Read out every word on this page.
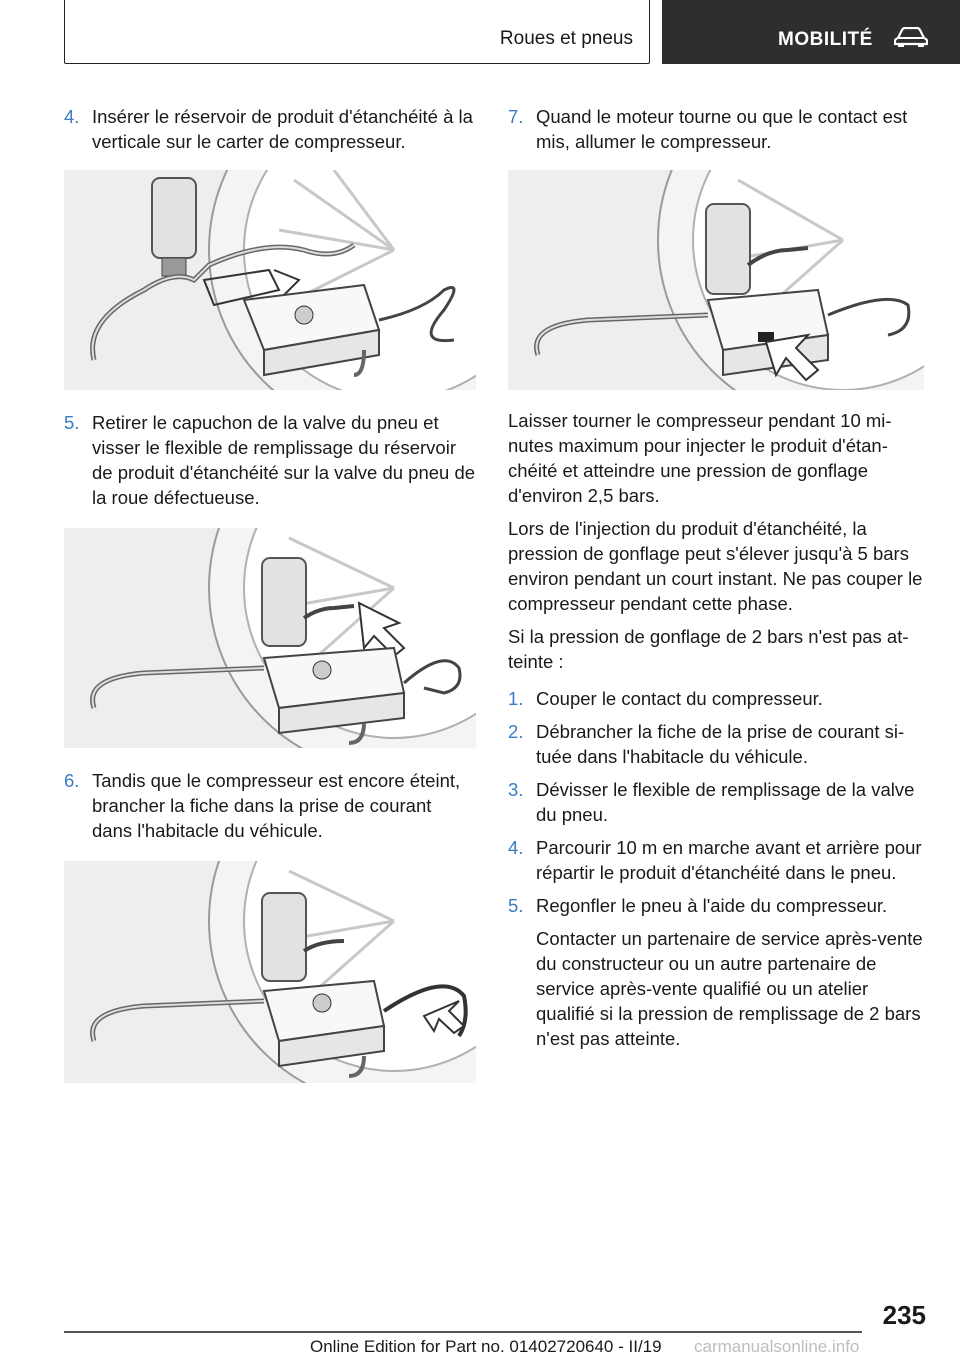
Roues et pneus	MOBILITÉ

4. Insérer le réservoir de produit d'étanchéité à la verticale sur le carter de compresseur.

5. Retirer le capuchon de la valve du pneu et visser le flexible de remplissage du réservoir de produit d'étanchéité sur la valve du pneu de la roue défectueuse.

6. Tandis que le compresseur est encore éteint, brancher la fiche dans la prise de courant dans l'habitacle du véhicule.

7. Quand le moteur tourne ou que le contact est mis, allumer le compresseur.

Laisser tourner le compresseur pendant 10 mi‐nutes maximum pour injecter le produit d'étan‐chéité et atteindre une pression de gonflage d'environ 2,5 bars.

Lors de l'injection du produit d'étanchéité, la pression de gonflage peut s'élever jusqu'à 5 bars environ pendant un court instant. Ne pas couper le compresseur pendant cette phase.

Si la pression de gonflage de 2 bars n'est pas at‐teinte :

1. Couper le contact du compresseur.

2. Débrancher la fiche de la prise de courant si‐tuée dans l'habitacle du véhicule.

3. Dévisser le flexible de remplissage de la valve du pneu.

4. Parcourir 10 m en marche avant et arrière pour répartir le produit d'étanchéité dans le pneu.

5. Regonfler le pneu à l'aide du compresseur.

Contacter un partenaire de service après‐vente du constructeur ou un autre partenaire de service après-vente qualifié ou un atelier qualifié si la pression de remplissage de 2 bars n'est pas atteinte.

235
Online Edition for Part no. 01402720640 - II/19 carmanualsonline.info
